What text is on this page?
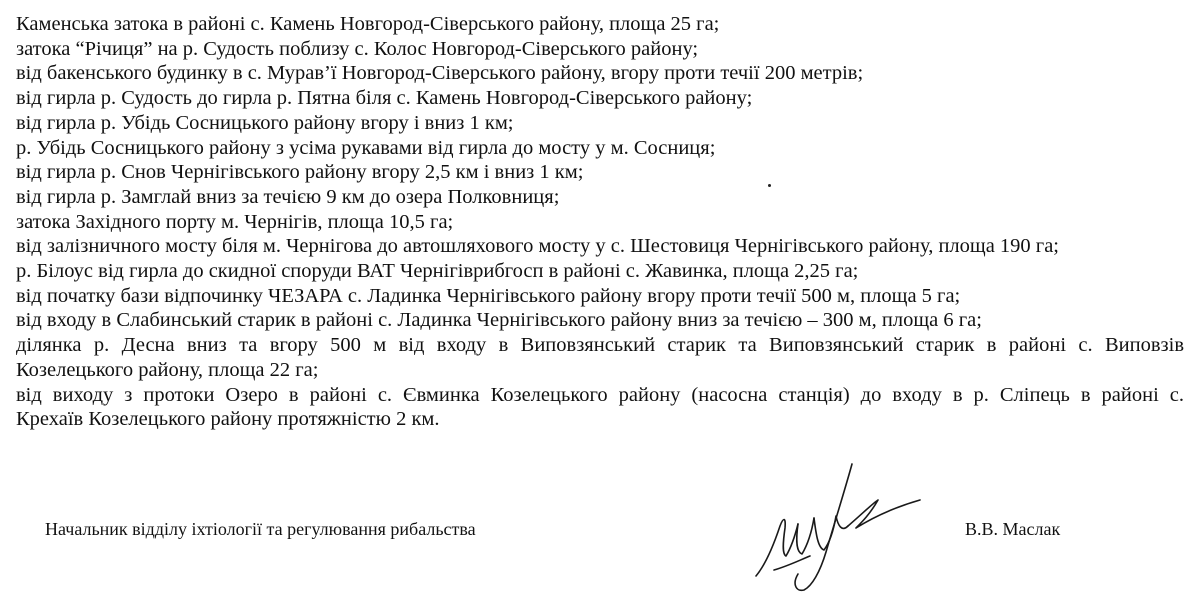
Каменська затока в районі с. Камень Новгород-Сіверського району, площа 25 га;

затока “Річиця” на р. Судость поблизу с. Колос Новгород-Сіверського району;

від бакенського будинку в с. Мурав’ї Новгород-Сіверського району, вгору проти течії 200 метрів;

від гирла р. Судость до гирла р. Пятна біля с. Камень Новгород-Сіверського району;

від гирла р. Убідь Сосницького району вгору і вниз 1 км;

р. Убідь Сосницького району з усіма рукавами від гирла до мосту у м. Сосниця;

від гирла р. Снов Чернігівського району вгору 2,5 км і вниз 1 км;

від гирла р. Замглай вниз за течією 9 км до озера Полковниця;

затока Західного порту м. Чернігів, площа 10,5 га;

від залізничного мосту біля м. Чернігова до автошляхового мосту у с. Шестовиця Чернігівського району, площа 190 га;

р. Білоус від гирла до скидної споруди ВАТ Чернігіврибгосп в районі с. Жавинка, площа 2,25 га;

від початку бази відпочинку ЧЕЗАРА с. Ладинка Чернігівського району вгору проти течії 500 м, площа 5 га;

від входу в Слабинський старик в районі с. Ладинка Чернігівського району вниз за течією – 300 м, площа 6 га;

ділянка р. Десна вниз та вгору 500 м від входу в Виповзянський старик та Виповзянський старик в районі с. Виповзів

Козелецького району, площа 22 га;

від виходу з протоки Озеро в районі с. Євминка Козелецького району (насосна станція) до входу в р. Сліпець в районі с.

Крехаїв Козелецького району протяжністю 2 км.

Начальник відділу іхтіології та регулювання рибальства	В.В. Маслак
